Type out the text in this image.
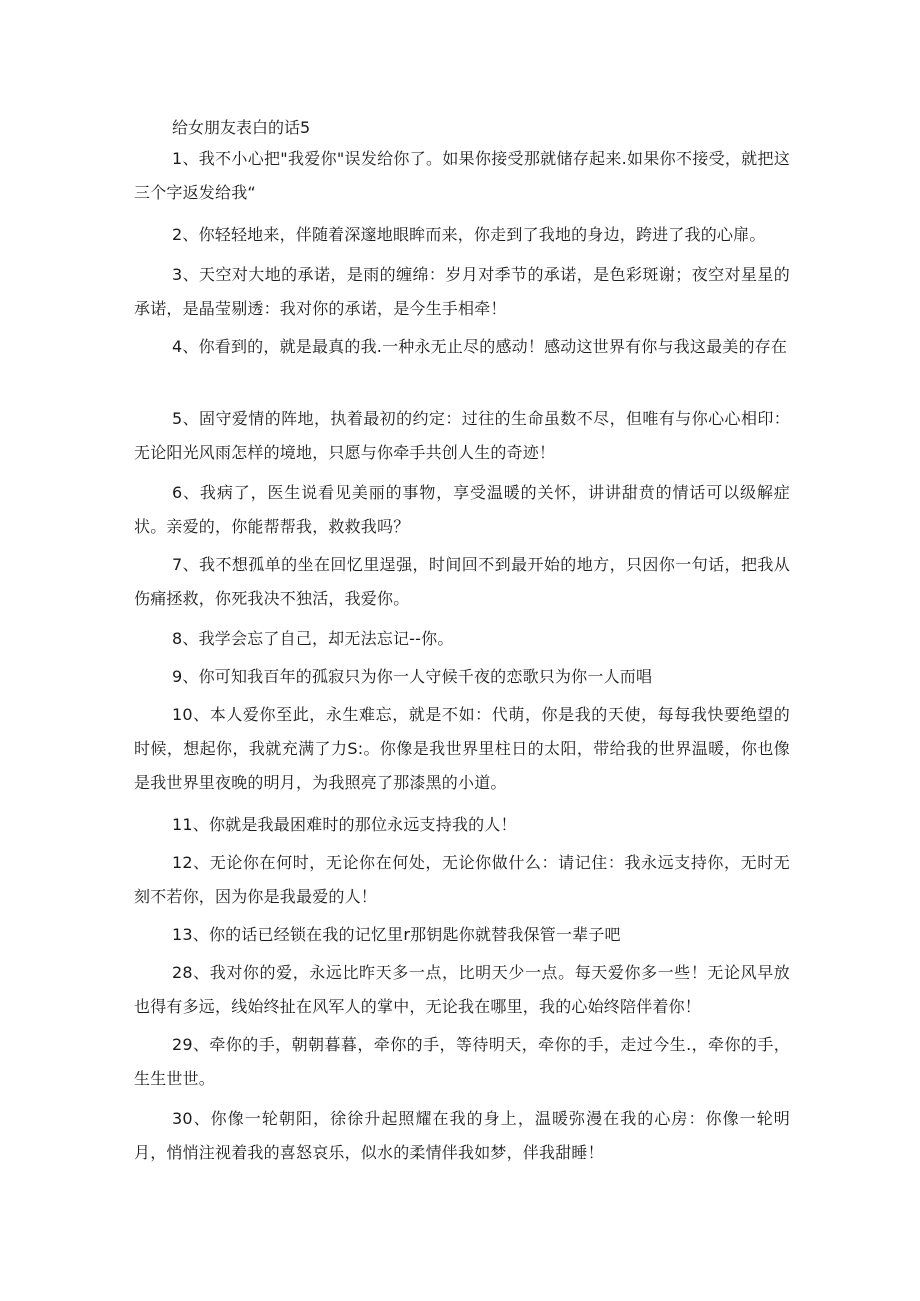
给女朋友表白的话5

1、我不小心把"我爱你"误发给你了。如果你接受那就储存起来.如果你不接受，就把这三个字返发给我“

2、你轻轻地来，伴随着深邃地眼眸而来，你走到了我地的身边，跨进了我的心扉。

3、天空对大地的承诺，是雨的缠绵：岁月对季节的承诺，是色彩斑谢；夜空对星星的承诺，是晶莹剔透：我对你的承诺，是今生手相牵！

4、你看到的，就是最真的我.一种永无止尽的感动！感动这世界有你与我这最美的存在

5、固守爱情的阵地，执着最初的约定：过往的生命虽数不尽，但唯有与你心心相印：无论阳光风雨怎样的境地，只愿与你牵手共创人生的奇迹！

6、我病了，医生说看见美丽的事物，享受温暖的关怀，讲讲甜贲的情话可以级解症状。亲爱的，你能帮帮我，救救我吗？

7、我不想孤单的坐在回忆里逞强，时间回不到最开始的地方，只因你一句话，把我从伤痛拯救，你死我决不独活，我爱你。

8、我学会忘了自己，却无法忘记--你。

9、你可知我百年的孤寂只为你一人守候千夜的恋歌只为你一人而唱

10、本人爱你至此，永生难忘，就是不如：代萌，你是我的天使，每每我快要绝望的时候，想起你，我就充满了力S:。你像是我世界里柱日的太阳，带给我的世界温暖，你也像是我世界里夜晚的明月，为我照亮了那漆黑的小道。

11、你就是我最困难时的那位永远支持我的人！

12、无论你在何时，无论你在何处，无论你做什么：请记住：我永远支持你，无时无刻不若你，因为你是我最爱的人！

13、你的话已经锁在我的记忆里r那钥匙你就替我保管一辈子吧

28、我对你的爱，永远比昨天多一点，比明天少一点。每天爱你多一些！无论风早放也得有多远，线始终扯在风军人的掌中，无论我在哪里，我的心始终陪伴着你！

29、牵你的手，朝朝暮暮，牵你的手，等待明天，牵你的手，走过今生.，牵你的手，生生世世。

30、你像一轮朝阳，徐徐升起照耀在我的身上，温暖弥漫在我的心房：你像一轮明月，悄悄注视着我的喜怒哀乐，似水的柔情伴我如梦，伴我甜睡！
